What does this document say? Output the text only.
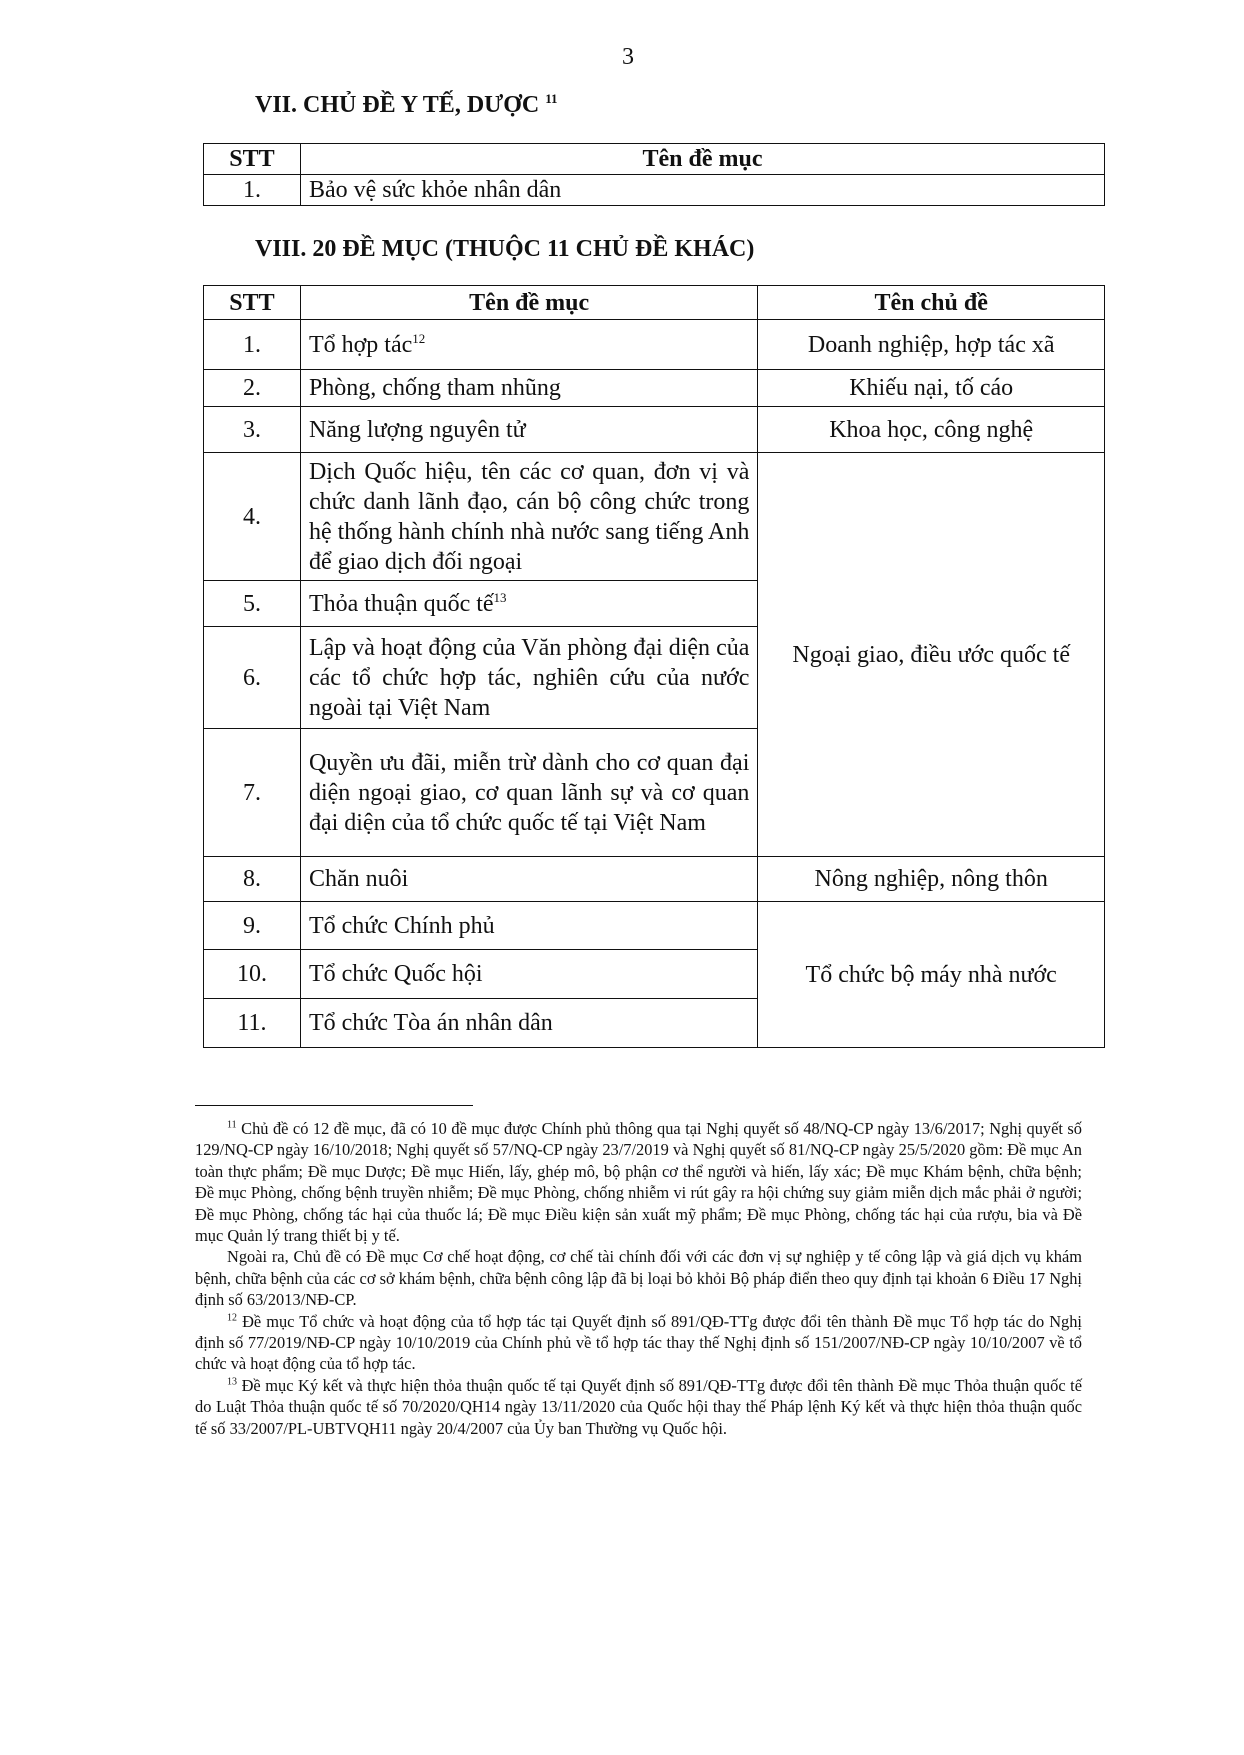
3
VII. CHỦ ĐỀ Y TẾ, DƯỢC $^{11}$
STT	Tên đề mục
1.	Bảo vệ sức khỏe nhân dân
VIII. 20 ĐỀ MỤC (THUỘC 11 CHỦ ĐỀ KHÁC)
STT	Tên đề mục	Tên chủ đề
1.	Tổ hợp tác$^{12}$	Doanh nghiệp, hợp tác xã
2.	Phòng, chống tham nhũng	Khiếu nại, tố cáo
3.	Năng lượng nguyên tử	Khoa học, công nghệ
4.	Dịch Quốc hiệu, tên các cơ quan, đơn vị và chức danh lãnh đạo, cán bộ công chức trong hệ thống hành chính nhà nước sang tiếng Anh để giao dịch đối ngoại	Ngoại giao, điều ước quốc tế
5.	Thỏa thuận quốc tế$^{13}$
6.	Lập và hoạt động của Văn phòng đại diện của các tổ chức hợp tác, nghiên cứu của nước ngoài tại Việt Nam	
7.	Quyền ưu đãi, miễn trừ dành cho cơ quan đại diện ngoại giao, cơ quan lãnh sự và cơ quan đại diện của tổ chức quốc tế tại Việt Nam	
8.	Chăn nuôi	Nông nghiệp, nông thôn
9.	Tổ chức Chính phủ	Tổ chức bộ máy nhà nước
10.	Tổ chức Quốc hội	
11.	Tổ chức Tòa án nhân dân	

$^{11}$ Chủ đề có 12 đề mục, đã có 10 đề mục được Chính phủ thông qua tại Nghị quyết số 48/NQ-CP ngày 13/6/2017; Nghị quyết số 129/NQ-CP ngày 16/10/2018; Nghị quyết số 57/NQ-CP ngày 23/7/2019 và Nghị quyết số 81/NQ-CP ngày 25/5/2020 gồm: Đề mục An toàn thực phẩm; Đề mục Dược; Đề mục Hiến, lấy, ghép mô, bộ phận cơ thể người và hiến, lấy xác; Đề mục Khám bệnh, chữa bệnh; Đề mục Phòng, chống bệnh truyền nhiễm; Đề mục Phòng, chống nhiễm vi rút gây ra hội chứng suy giảm miễn dịch mắc phải ở người; Đề mục Phòng, chống tác hại của thuốc lá; Đề mục Điều kiện sản xuất mỹ phẩm; Đề mục Phòng, chống tác hại của rượu, bia và Đề mục Quản lý trang thiết bị y tế.

Ngoài ra, Chủ đề có Đề mục Cơ chế hoạt động, cơ chế tài chính đối với các đơn vị sự nghiệp y tế công lập và giá dịch vụ khám bệnh, chữa bệnh của các cơ sở khám bệnh, chữa bệnh công lập đã bị loại bỏ khỏi Bộ pháp điển theo quy định tại khoản 6 Điều 17 Nghị định số 63/2013/NĐ-CP.

$^{12}$ Đề mục Tổ chức và hoạt động của tổ hợp tác tại Quyết định số 891/QĐ-TTg được đổi tên thành Đề mục Tổ hợp tác do Nghị định số 77/2019/NĐ-CP ngày 10/10/2019 của Chính phủ về tổ hợp tác thay thế Nghị định số 151/2007/NĐ-CP ngày 10/10/2007 về tổ chức và hoạt động của tổ hợp tác.

$^{13}$ Đề mục Ký kết và thực hiện thỏa thuận quốc tế tại Quyết định số 891/QĐ-TTg được đổi tên thành Đề mục Thỏa thuận quốc tế do Luật Thỏa thuận quốc tế số 70/2020/QH14 ngày 13/11/2020 của Quốc hội thay thế Pháp lệnh Ký kết và thực hiện thỏa thuận quốc tế số 33/2007/PL-UBTVQH11 ngày 20/4/2007 của Ủy ban Thường vụ Quốc hội.
